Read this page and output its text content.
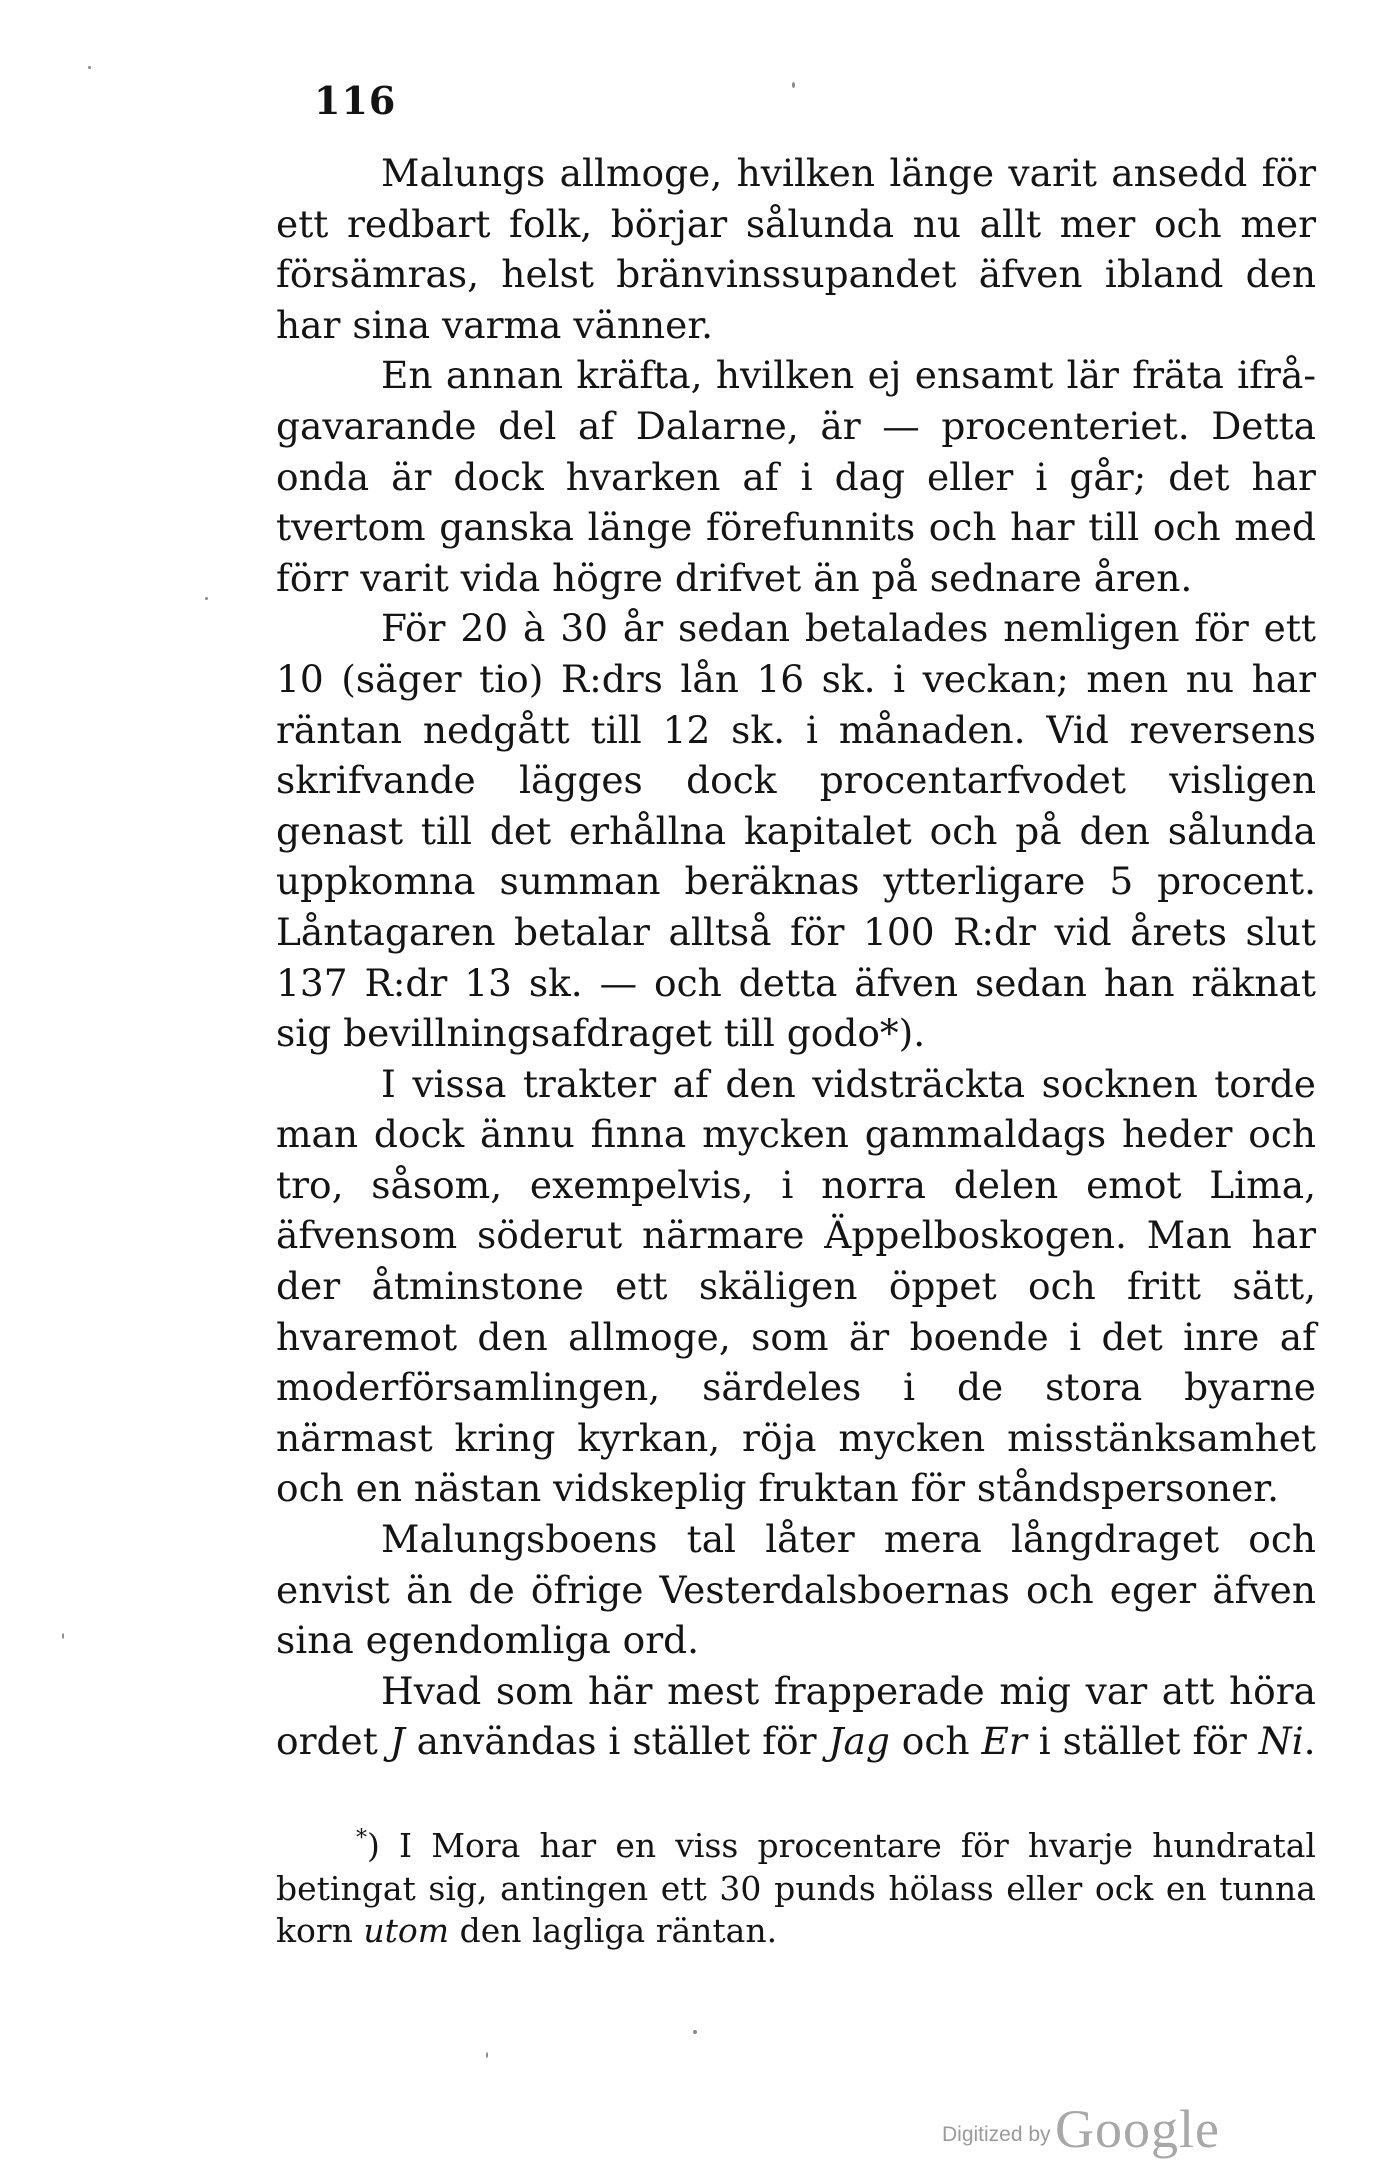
116

Malungs allmoge, hvilken länge varit ansedd för ett redbart folk, börjar sålunda nu allt mer och mer försämras, helst bränvinssupandet äfven ibland den har sina varma vänner.

En annan kräfta, hvilken ej ensamt lär fräta ifrågavarande del af Dalarne, är — procenteriet. Detta onda är dock hvarken af i dag eller i går; det har tvertom ganska länge förefunnits och har till och med förr varit vida högre drifvet än på sednare åren.

För 20 à 30 år sedan betalades nemligen för ett 10 (säger tio) R:drs lån 16 sk. i veckan; men nu har räntan nedgått till 12 sk. i månaden. Vid reversens skrifvande lägges dock procentarfvodet visligen genast till det erhållna kapitalet och på den sålunda uppkomna summan beräknas ytterligare 5 procent. Låntagaren betalar alltså för 100 R:dr vid årets slut 137 R:dr 13 sk. — och detta äfven sedan han räknat sig bevillningsafdraget till godo*).

I vissa trakter af den vidsträckta socknen torde man dock ännu finna mycken gammaldags heder och tro, såsom, exempelvis, i norra delen emot Lima, äfvensom söderut närmare Äppelboskogen. Man har der åtminstone ett skäligen öppet och fritt sätt, hvaremot den allmoge, som är boende i det inre af moderförsamlingen, särdeles i de stora byarne närmast kring kyrkan, röja mycken misstänksamhet och en nästan vidskeplig fruktan för ståndspersoner.

Malungsboens tal låter mera långdraget och envist än de öfrige Vesterdalsboernas och eger äfven sina egendomliga ord.

Hvad som här mest frapperade mig var att höra ordet J användas i stället för Jag och Er i stället för Ni.

*) I Mora har en viss procentare för hvarje hundratal betingat sig, antingen ett 30 punds hölass eller ock en tunna korn utom den lagliga räntan.

Digitized by Google
